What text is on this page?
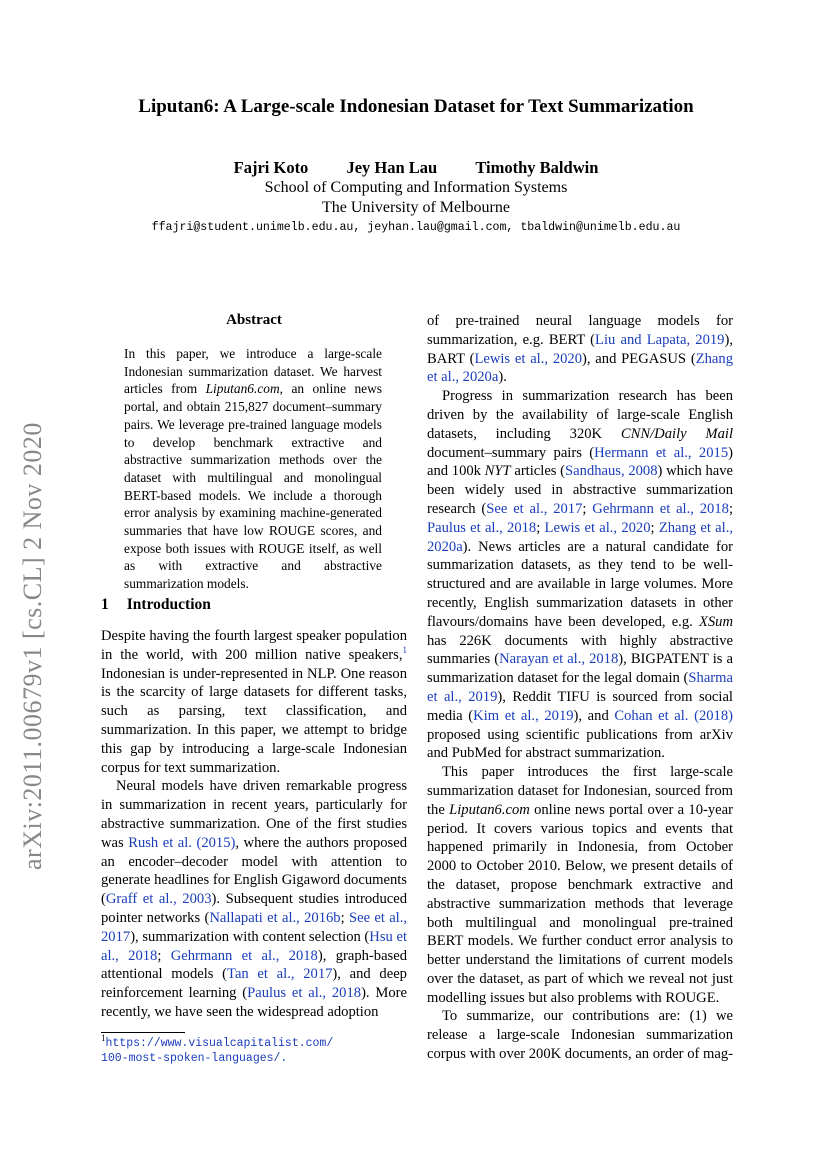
arXiv:2011.00679v1 [cs.CL] 2 Nov 2020
Liputan6: A Large-scale Indonesian Dataset for Text Summarization
Fajri Koto Jey Han Lau Timothy Baldwin
School of Computing and Information Systems
The University of Melbourne
ffajri@student.unimelb.edu.au, jeyhan.lau@gmail.com, tbaldwin@unimelb.edu.au
Abstract
In this paper, we introduce a large-scale Indonesian summarization dataset. We harvest articles from Liputan6.com, an online news portal, and obtain 215,827 document–summary pairs. We leverage pre-trained language models to develop benchmark extractive and abstractive summarization methods over the dataset with multilingual and monolingual BERT-based models. We include a thorough error analysis by examining machine-generated summaries that have low ROUGE scores, and expose both issues with ROUGE itself, as well as with extractive and abstractive summarization models.
1 Introduction

Despite having the fourth largest speaker population in the world, with 200 million native speakers,$^1$ Indonesian is under-represented in NLP. One reason is the scarcity of large datasets for different tasks, such as parsing, text classification, and summarization. In this paper, we attempt to bridge this gap by introducing a large-scale Indonesian corpus for text summarization.

Neural models have driven remarkable progress in summarization in recent years, particularly for abstractive summarization. One of the first studies was Rush et al. (2015), where the authors proposed an encoder–decoder model with attention to generate headlines for English Gigaword documents (Graff et al., 2003). Subsequent studies introduced pointer networks (Nallapati et al., 2016b; See et al., 2017), summarization with content selection (Hsu et al., 2018; Gehrmann et al., 2018), graph-based attentional models (Tan et al., 2017), and deep reinforcement learning (Paulus et al., 2018). More recently, we have seen the widespread adoption

of pre-trained neural language models for summarization, e.g. BERT (Liu and Lapata, 2019), BART (Lewis et al., 2020), and PEGASUS (Zhang et al., 2020a).

Progress in summarization research has been driven by the availability of large-scale English datasets, including 320K CNN/Daily Mail document–summary pairs (Hermann et al., 2015) and 100k NYT articles (Sandhaus, 2008) which have been widely used in abstractive summarization research (See et al., 2017; Gehrmann et al., 2018; Paulus et al., 2018; Lewis et al., 2020; Zhang et al., 2020a). News articles are a natural candidate for summarization datasets, as they tend to be well-structured and are available in large volumes. More recently, English summarization datasets in other flavours/domains have been developed, e.g. XSum has 226K documents with highly abstractive summaries (Narayan et al., 2018), BIGPATENT is a summarization dataset for the legal domain (Sharma et al., 2019), Reddit TIFU is sourced from social media (Kim et al., 2019), and Cohan et al. (2018) proposed using scientific publications from arXiv and PubMed for abstract summarization.

This paper introduces the first large-scale summarization dataset for Indonesian, sourced from the Liputan6.com online news portal over a 10-year period. It covers various topics and events that happened primarily in Indonesia, from October 2000 to October 2010. Below, we present details of the dataset, propose benchmark extractive and abstractive summarization methods that leverage both multilingual and monolingual pre-trained BERT models. We further conduct error analysis to better understand the limitations of current models over the dataset, as part of which we reveal not just modelling issues but also problems with ROUGE.

To summarize, our contributions are: (1) we release a large-scale Indonesian summarization corpus with over 200K documents, an order of mag-

$^1$https://www.visualcapitalist.com/
100-most-spoken-languages/.
